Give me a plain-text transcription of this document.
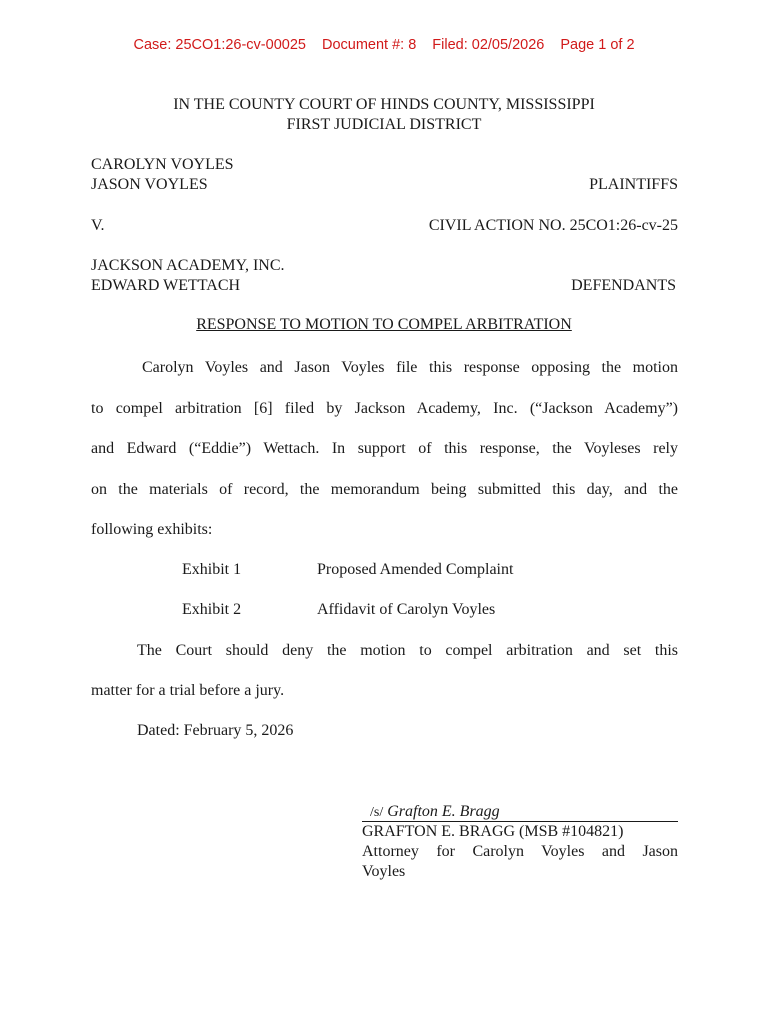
Case: 25CO1:26-cv-00025 Document #: 8 Filed: 02/05/2026 Page 1 of 2
IN THE COUNTY COURT OF HINDS COUNTY, MISSISSIPPI
FIRST JUDICIAL DISTRICT
CAROLYN VOYLES
JASON VOYLES	PLAINTIFFS
V.	CIVIL ACTION NO. 25CO1:26-cv-25
JACKSON ACADEMY, INC.
EDWARD WETTACH	DEFENDANTS
RESPONSE TO MOTION TO COMPEL ARBITRATION
Carolyn Voyles and Jason Voyles file this response opposing the motion
to compel arbitration [6] filed by Jackson Academy, Inc. (“Jackson Academy”)
and Edward (“Eddie”) Wettach. In support of this response, the Voyleses rely
on the materials of record, the memorandum being submitted this day, and the
following exhibits:
Exhibit 1	Proposed Amended Complaint
Exhibit 2	Affidavit of Carolyn Voyles
The Court should deny the motion to compel arbitration and set this
matter for a trial before a jury.
Dated: February 5, 2026
/s/ Grafton E. Bragg
GRAFTON E. BRAGG (MSB #104821)
Attorney for Carolyn Voyles and Jason
Voyles
